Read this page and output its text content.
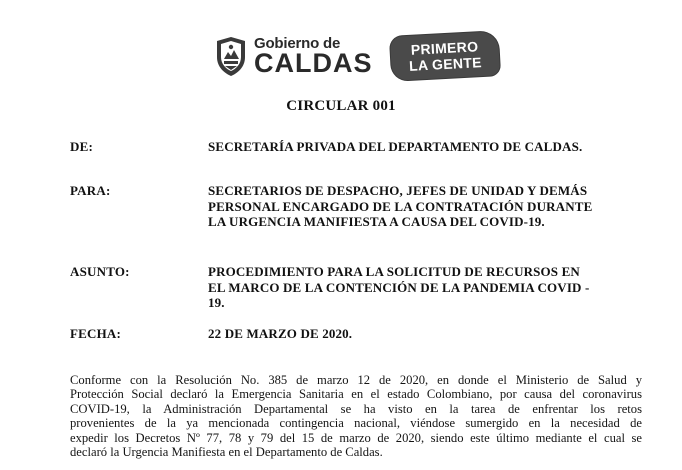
Gobierno de
CALDAS	PRIMERO
LA GENTE
CIRCULAR 001
DE:	SECRETARÍA PRIVADA DEL DEPARTAMENTO DE CALDAS.
PARA:	SECRETARIOS DE DESPACHO, JEFES DE UNIDAD Y DEMÁS
PERSONAL ENCARGADO DE LA CONTRATACIÓN DURANTE
LA URGENCIA MANIFIESTA A CAUSA DEL COVID-19.
ASUNTO:	PROCEDIMIENTO PARA LA SOLICITUD DE RECURSOS EN
EL MARCO DE LA CONTENCIÓN DE LA PANDEMIA COVID -
19.
FECHA:	22 DE MARZO DE 2020.
Conforme con la Resolución No. 385 de marzo 12 de 2020, en donde el Ministerio de Salud y
Protección Social declaró la Emergencia Sanitaria en el estado Colombiano, por causa del coronavirus
COVID-19, la Administración Departamental se ha visto en la tarea de enfrentar los retos
provenientes de la ya mencionada contingencia nacional, viéndose sumergido en la necesidad de
expedir los Decretos Nº 77, 78 y 79 del 15 de marzo de 2020, siendo este último mediante el cual se
declaró la Urgencia Manifiesta en el Departamento de Caldas.
